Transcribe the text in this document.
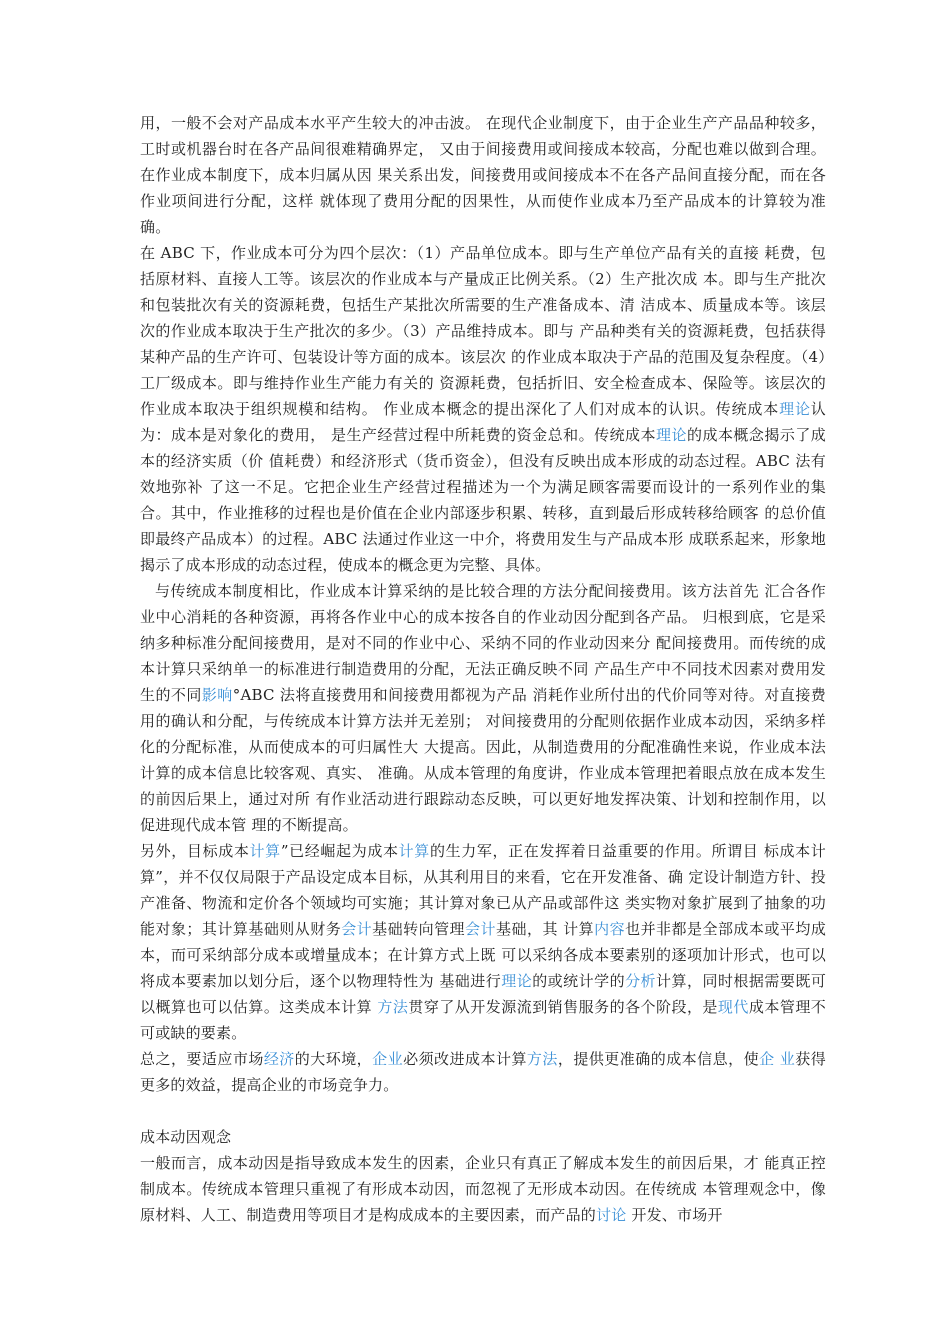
用，一般不会对产品成本水平产生较大的冲击波。 在现代企业制度下，由于企业生产产品品种较多，工时或机器台时在各产品间很难精确界定， 又由于间接费用或间接成本较高，分配也难以做到合理。在作业成本制度下，成本归属从因 果关系出发，间接费用或间接成本不在各产品间直接分配，而在各作业项间进行分配，这样 就体现了费用分配的因果性，从而使作业成本乃至产品成本的计算较为准确。

在 ABC 下，作业成本可分为四个层次：（1）产品单位成本。即与生产单位产品有关的直接 耗费，包括原材料、直接人工等。该层次的作业成本与产量成正比例关系。（2）生产批次成 本。即与生产批次和包装批次有关的资源耗费，包括生产某批次所需要的生产准备成本、清 洁成本、质量成本等。该层次的作业成本取决于生产批次的多少。（3）产品维持成本。即与 产品种类有关的资源耗费，包括获得某种产品的生产许可、包装设计等方面的成本。该层次 的作业成本取决于产品的范围及复杂程度。（4）工厂级成本。即与维持作业生产能力有关的 资源耗费，包括折旧、安全检查成本、保险等。该层次的作业成本取决于组织规模和结构。 作业成本概念的提出深化了人们对成本的认识。传统成本理论认为：成本是对象化的费用， 是生产经营过程中所耗费的资金总和。传统成本理论的成本概念揭示了成本的经济实质（价 值耗费）和经济形式（货币资金），但没有反映出成本形成的动态过程。ABC 法有效地弥补 了这一不足。它把企业生产经营过程描述为一个为满足顾客需要而设计的一系列作业的集 合。其中，作业推移的过程也是价值在企业内部逐步积累、转移，直到最后形成转移给顾客 的总价值即最终产品成本）的过程。ABC 法通过作业这一中介，将费用发生与产品成本形 成联系起来，形象地揭示了成本形成的动态过程，使成本的概念更为完整、具体。

与传统成本制度相比，作业成本计算采纳的是比较合理的方法分配间接费用。该方法首先 汇合各作业中心消耗的各种资源，再将各作业中心的成本按各自的作业动因分配到各产品。 归根到底，它是采纳多种标准分配间接费用，是对不同的作业中心、采纳不同的作业动因来分 配间接费用。而传统的成本计算只采纳单一的标准进行制造费用的分配，无法正确反映不同 产品生产中不同技术因素对费用发生的不同影响°ABC 法将直接费用和间接费用都视为产品 消耗作业所付出的代价同等对待。对直接费用的确认和分配，与传统成本计算方法并无差别； 对间接费用的分配则依据作业成本动因，采纳多样化的分配标准，从而使成本的可归属性大 大提高。因此，从制造费用的分配准确性来说，作业成本法计算的成本信息比较客观、真实、 准确。从成本管理的角度讲，作业成本管理把着眼点放在成本发生的前因后果上，通过对所 有作业活动进行跟踪动态反映，可以更好地发挥决策、计划和控制作用，以促进现代成本管 理的不断提高。

另外，目标成本计算”已经崛起为成本计算的生力军，正在发挥着日益重要的作用。所谓目 标成本计算”，并不仅仅局限于产品设定成本目标，从其利用目的来看，它在开发准备、确 定设计制造方针、投产准备、物流和定价各个领域均可实施；其计算对象已从产品或部件这 类实物对象扩展到了抽象的功能对象；其计算基础则从财务会计基础转向管理会计基础，其 计算内容也并非都是全部成本或平均成本，而可采纳部分成本或增量成本；在计算方式上既 可以采纳各成本要素别的逐项加计形式，也可以将成本要素加以划分后，逐个以物理特性为 基础进行理论的或统计学的分析计算，同时根据需要既可以概算也可以估算。这类成本计算 方法贯穿了从开发源流到销售服务的各个阶段，是现代成本管理不可或缺的要素。

总之，要适应市场经济的大环境，企业必须改进成本计算方法，提供更准确的成本信息，使企 业获得更多的效益，提高企业的市场竞争力。

成本动因观念

一般而言，成本动因是指导致成本发生的因素，企业只有真正了解成本发生的前因后果，才 能真正控制成本。传统成本管理只重视了有形成本动因，而忽视了无形成本动因。在传统成 本管理观念中，像原材料、人工、制造费用等项目才是构成成本的主要因素，而产品的讨论 开发、市场开
